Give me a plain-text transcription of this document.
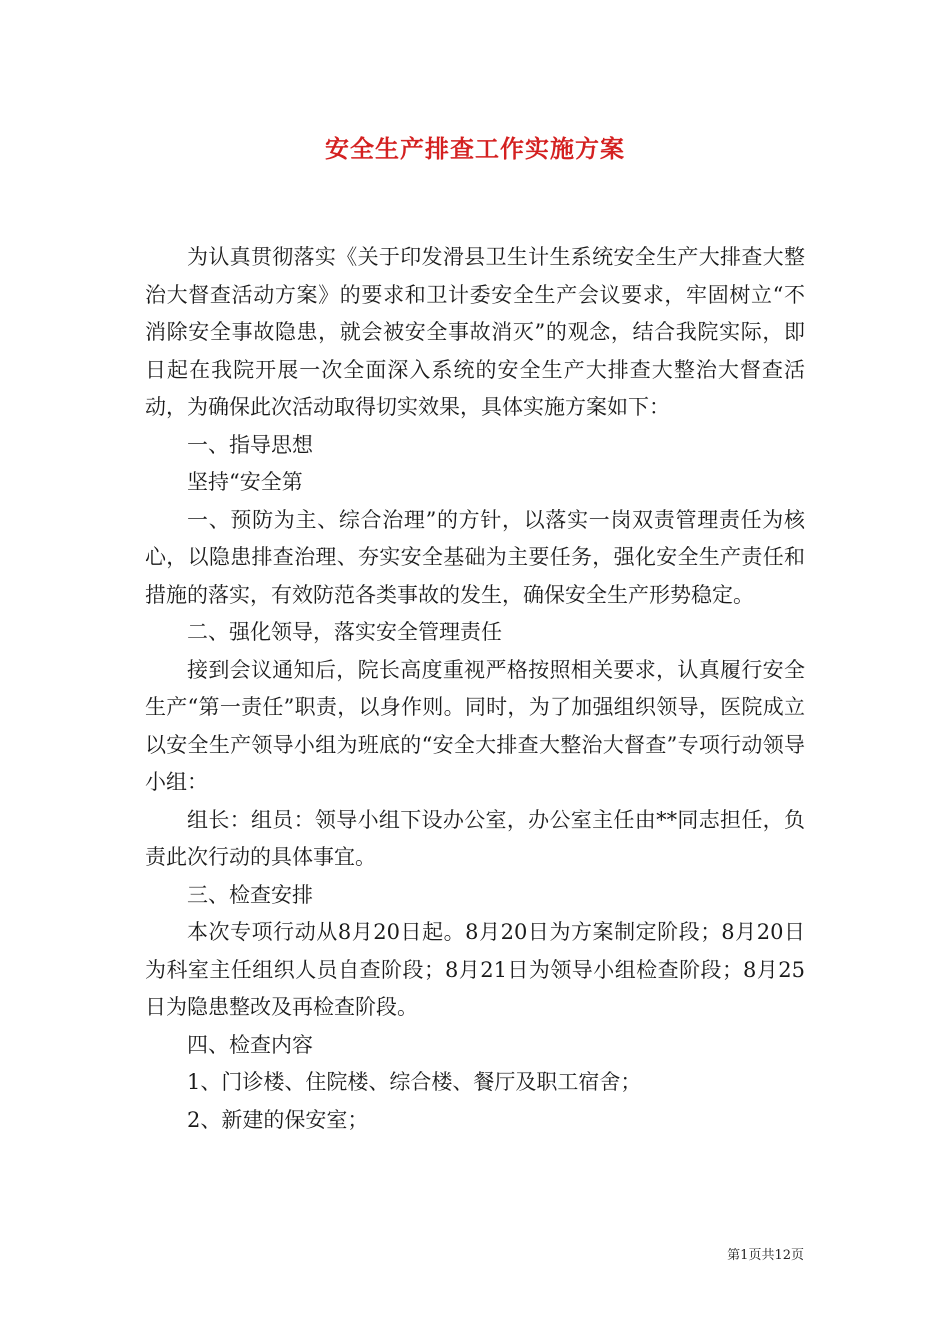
安全生产排查工作实施方案

为认真贯彻落实《关于印发滑县卫生计生系统安全生产大排查大整治大督查活动方案》的要求和卫计委安全生产会议要求，牢固树立“不消除安全事故隐患，就会被安全事故消灭”的观念，结合我院实际，即日起在我院开展一次全面深入系统的安全生产大排查大整治大督查活动，为确保此次活动取得切实效果，具体实施方案如下：

一、指导思想

坚持“安全第

一、预防为主、综合治理”的方针，以落实一岗双责管理责任为核心，以隐患排查治理、夯实安全基础为主要任务，强化安全生产责任和措施的落实，有效防范各类事故的发生，确保安全生产形势稳定。

二、强化领导，落实安全管理责任

接到会议通知后，院长高度重视严格按照相关要求，认真履行安全生产“第一责任”职责，以身作则。同时，为了加强组织领导，医院成立以安全生产领导小组为班底的“安全大排查大整治大督查”专项行动领导小组：

组长：组员：领导小组下设办公室，办公室主任由**同志担任，负责此次行动的具体事宜。

三、检查安排

本次专项行动从8月20日起。8月20日为方案制定阶段；8月20日为科室主任组织人员自查阶段；8月21日为领导小组检查阶段；8月25日为隐患整改及再检查阶段。

四、检查内容

1、门诊楼、住院楼、综合楼、餐厅及职工宿舍；

2、新建的保安室；

第1页共12页
